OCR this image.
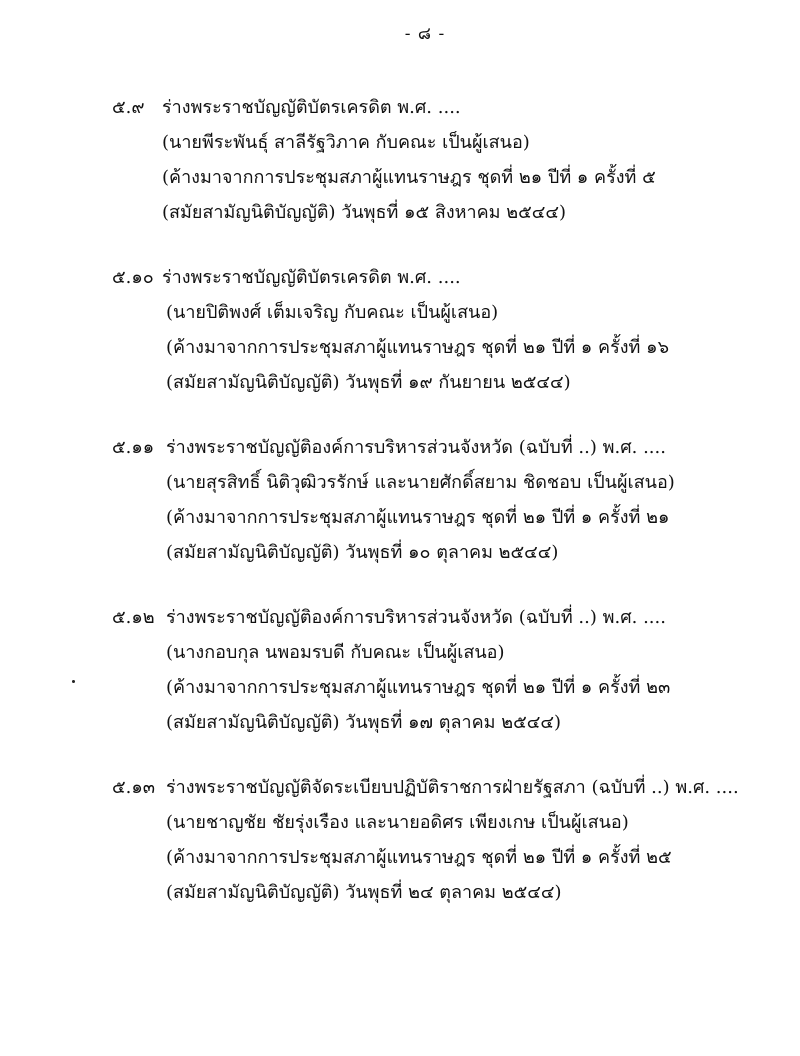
- ๘ -
๕.๙ ร่างพระราชบัญญัติบัตรเครดิต พ.ศ. ....
(นายพีระพันธุ์ สาลีรัฐวิภาค กับคณะ เป็นผู้เสนอ)
(ค้างมาจากการประชุมสภาผู้แทนราษฎร ชุดที่ ๒๑ ปีที่ ๑ ครั้งที่ ๕
(สมัยสามัญนิติบัญญัติ) วันพุธที่ ๑๕ สิงหาคม ๒๕๔๔)
๕.๑๐ ร่างพระราชบัญญัติบัตรเครดิต พ.ศ. ....
(นายปิติพงศ์ เต็มเจริญ กับคณะ เป็นผู้เสนอ)
(ค้างมาจากการประชุมสภาผู้แทนราษฎร ชุดที่ ๒๑ ปีที่ ๑ ครั้งที่ ๑๖
(สมัยสามัญนิติบัญญัติ) วันพุธที่ ๑๙ กันยายน ๒๕๔๔)
๕.๑๑ ร่างพระราชบัญญัติองค์การบริหารส่วนจังหวัด (ฉบับที่ ..) พ.ศ. ....
(นายสุรสิทธิ์ นิติวุฒิวรรักษ์ และนายศักดิ์สยาม ชิดชอบ เป็นผู้เสนอ)
(ค้างมาจากการประชุมสภาผู้แทนราษฎร ชุดที่ ๒๑ ปีที่ ๑ ครั้งที่ ๒๑
(สมัยสามัญนิติบัญญัติ) วันพุธที่ ๑๐ ตุลาคม ๒๕๔๔)
๕.๑๒ ร่างพระราชบัญญัติองค์การบริหารส่วนจังหวัด (ฉบับที่ ..) พ.ศ. ....
(นางกอบกุล นพอมรบดี กับคณะ เป็นผู้เสนอ)
(ค้างมาจากการประชุมสภาผู้แทนราษฎร ชุดที่ ๒๑ ปีที่ ๑ ครั้งที่ ๒๓
(สมัยสามัญนิติบัญญัติ) วันพุธที่ ๑๗ ตุลาคม ๒๕๔๔)
๕.๑๓ ร่างพระราชบัญญัติจัดระเบียบปฏิบัติราชการฝ่ายรัฐสภา (ฉบับที่ ..) พ.ศ. ....
(นายชาญชัย ชัยรุ่งเรือง และนายอดิศร เพียงเกษ เป็นผู้เสนอ)
(ค้างมาจากการประชุมสภาผู้แทนราษฎร ชุดที่ ๒๑ ปีที่ ๑ ครั้งที่ ๒๕
(สมัยสามัญนิติบัญญัติ) วันพุธที่ ๒๔ ตุลาคม ๒๕๔๔)
